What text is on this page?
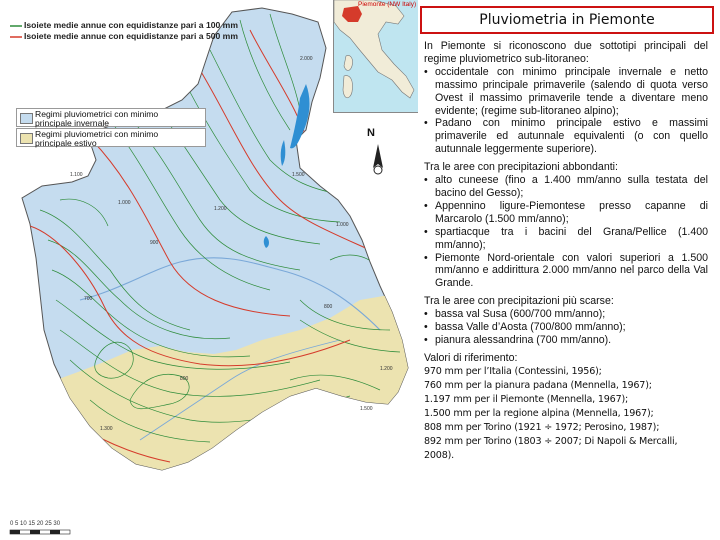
1.100
1.000
900
1.200
1.500
2.000
1.000
800
1.200
1.500
800
1.300
700
Isoiete medie annue con equidistanze pari a 100 mm
Isoiete medie annue con equidistanze pari a 500 mm
Regimi pluviometrici con minimo
principale invernale
Regimi pluviometrici con minimo
principale estivo
Piemonte (NW Italy)
N
0 5 10 15 20 25 30
Pluviometria in Piemonte
In Piemonte si riconoscono due sottotipi principali del regime pluviometrico sub-litoraneo:
• occidentale con minimo principale invernale e netto massimo principale primaverile (salendo di quota verso Ovest il massimo primaverile tende a diventare meno evidente; (regime sub-litoraneo alpino);
• Padano con minimo principale estivo e massimi primaverile ed autunnale equivalenti (o con quello autunnale leggermente superiore).
Tra le aree con precipitazioni abbondanti:
• alto cuneese (fino a 1.400 mm/anno sulla testata del bacino del Gesso);
• Appennino ligure-Piemontese presso capanne di Marcarolo (1.500 mm/anno);
• spartiacque tra i bacini del Grana/Pellice (1.400 mm/anno);
• Piemonte Nord-orientale con valori superiori a 1.500 mm/anno e addirittura 2.000 mm/anno nel parco della Val Grande.
Tra le aree con precipitazioni più scarse:
• bassa val Susa (600/700 mm/anno);
• bassa Valle d’Aosta (700/800 mm/anno);
• pianura alessandrina (700 mm/anno).
Valori di riferimento:
970 mm per l’Italia (Contessini, 1956);
760 mm per la pianura padana (Mennella, 1967);
1.197 mm per il Piemonte (Mennella, 1967);
1.500 mm per la regione alpina (Mennella, 1967);
808 mm per Torino (1921 ÷ 1972; Perosino, 1987);
892 mm per Torino (1803 ÷ 2007; Di Napoli & Mercalli, 2008).
